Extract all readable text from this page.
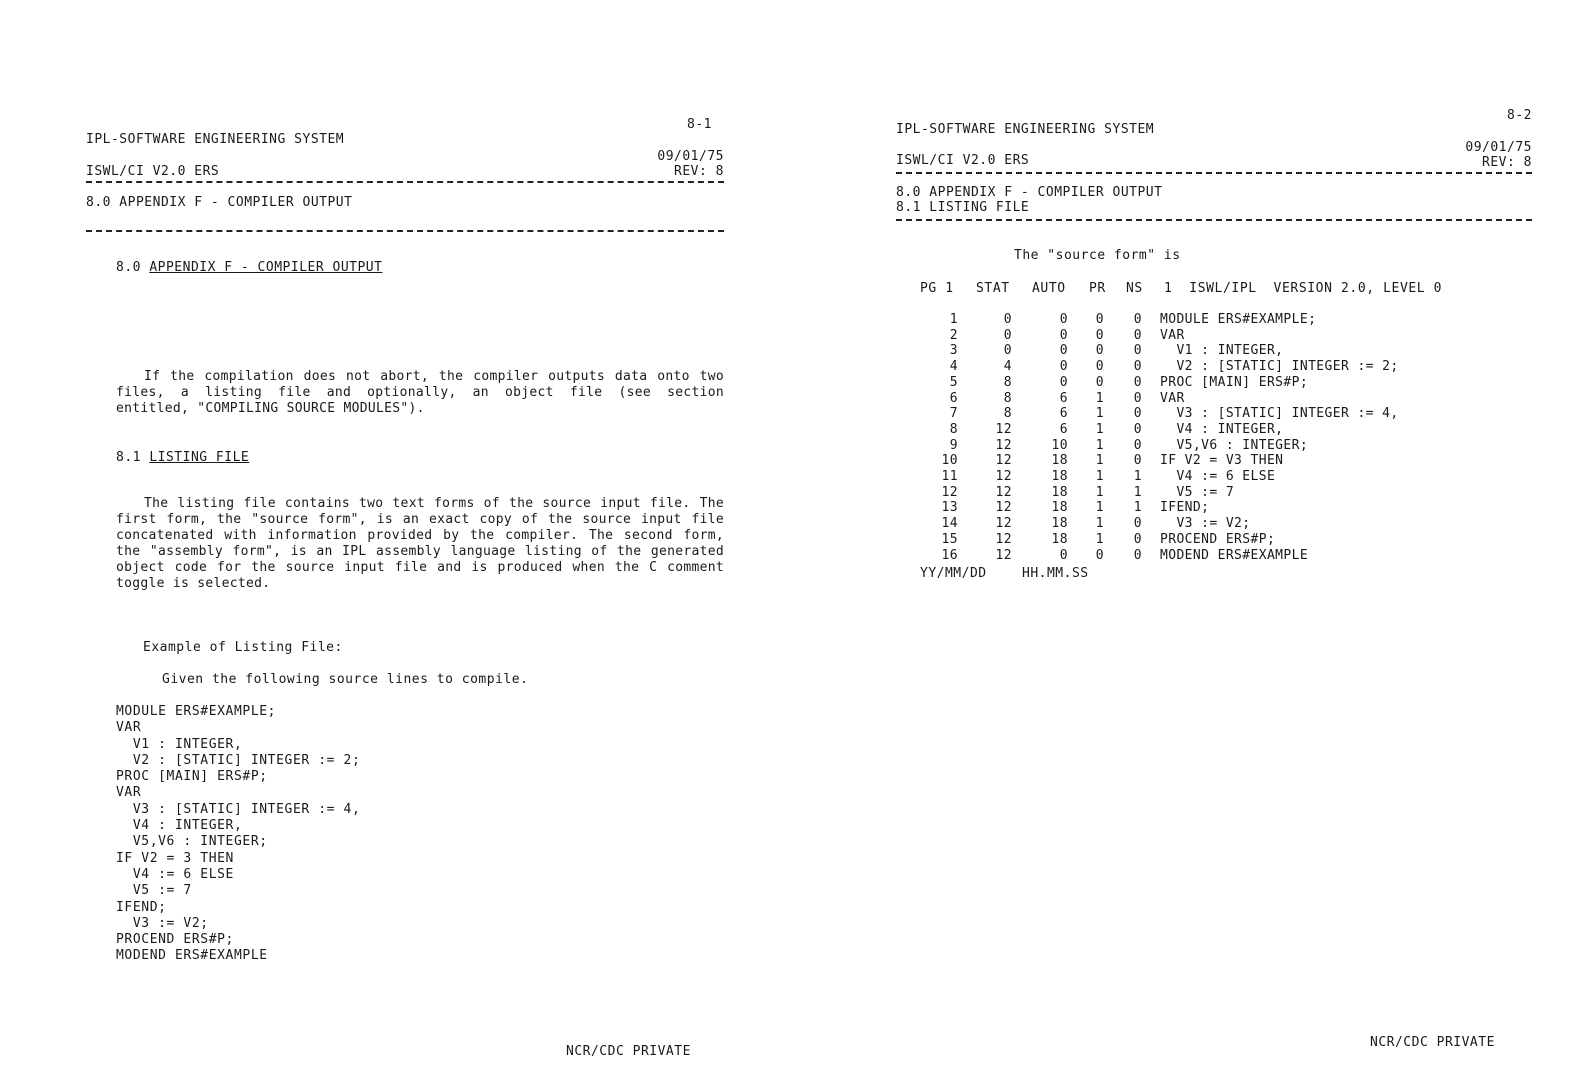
8-1
IPL-SOFTWARE ENGINEERING SYSTEM
09/01/75
ISWL/CI V2.0 ERS	REV: 8
8.0 APPENDIX F - COMPILER OUTPUT
8.0 APPENDIX F - COMPILER OUTPUT
If the compilation does not abort, the compiler outputs data onto two files, a listing file and optionally, an object file (see section entitled, "COMPILING SOURCE MODULES").
8.1 LISTING FILE
The listing file contains two text forms of the source input file. The first form, the "source form", is an exact copy of the source input file concatenated with information provided by the compiler. The second form, the "assembly form", is an IPL assembly language listing of the generated object code for the source input file and is produced when the C comment toggle is selected.
Example of Listing File:
Given the following source lines to compile.
MODULE ERS#EXAMPLE;
VAR
V1 : INTEGER,
V2 : [STATIC] INTEGER := 2;
PROC [MAIN] ERS#P;
VAR
V3 : [STATIC] INTEGER := 4,
V4 : INTEGER,
V5,V6 : INTEGER;
IF V2 = 3 THEN
V4 := 6 ELSE
V5 := 7
IFEND;
V3 := V2;
PROCEND ERS#P;
MODEND ERS#EXAMPLE
NCR/CDC PRIVATE
8-2
IPL-SOFTWARE ENGINEERING SYSTEM
09/01/75
ISWL/CI V2.0 ERS	REV: 8
8.0 APPENDIX F - COMPILER OUTPUT
8.1 LISTING FILE
The "source form" is
PG 1 STAT AUTO PR NS 1  ISWL/IPL  VERSION 2.0, LEVEL 0
1	0	0	0	0		MODULE ERS#EXAMPLE;
2	0	0	0	0		VAR
3	0	0	0	0		V1 : INTEGER,
4	4	0	0	0		V2 : [STATIC] INTEGER := 2;
5	8	0	0	0		PROC [MAIN] ERS#P;
6	8	6	1	0		VAR
7	8	6	1	0		V3 : [STATIC] INTEGER := 4,
8	12	6	1	0		V4 : INTEGER,
9	12	10	1	0		V5,V6 : INTEGER;
10	12	18	1	0		IF V2 = V3 THEN
11	12	18	1	1		V4 := 6 ELSE
12	12	18	1	1		V5 := 7
13	12	18	1	1		IFEND;
14	12	18	1	0		V3 := V2;
15	12	18	1	0		PROCEND ERS#P;
16	12	0	0	0		MODEND ERS#EXAMPLE
YY/MM/DD	HH.MM.SS
NCR/CDC PRIVATE
